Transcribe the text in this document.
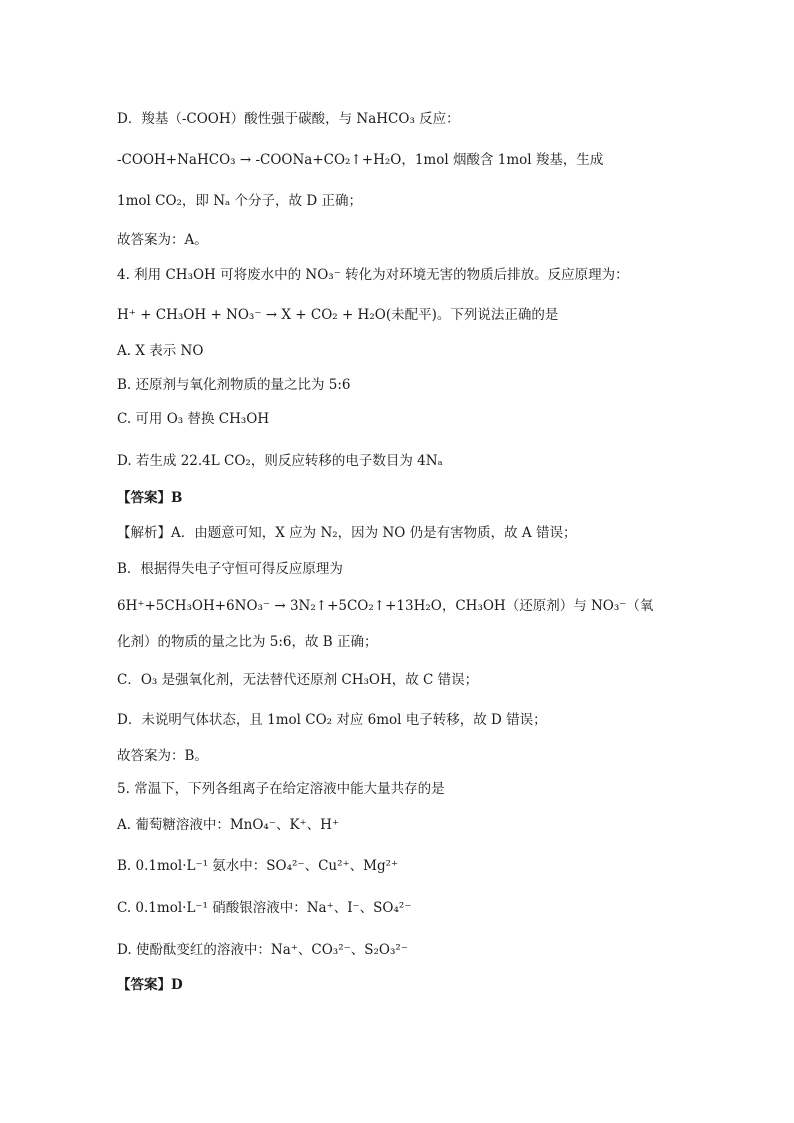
D．羧基（-COOH）酸性强于碳酸，与 NaHCO₃ 反应：
-COOH+NaHCO₃ → -COONa+CO₂↑+H₂O，1mol 烟酸含 1mol 羧基，生成
1mol CO₂，即 Nₐ 个分子，故 D 正确；
故答案为：A。
4. 利用 CH₃OH 可将废水中的 NO₃⁻ 转化为对环境无害的物质后排放。反应原理为：
H⁺ + CH₃OH + NO₃⁻ → X + CO₂ + H₂O(未配平)。下列说法正确的是
A. X 表示 NO
B. 还原剂与氧化剂物质的量之比为 5:6
C. 可用 O₃ 替换 CH₃OH
D. 若生成 22.4L CO₂，则反应转移的电子数目为 4Nₐ
【答案】B
【解析】A．由题意可知，X 应为 N₂，因为 NO 仍是有害物质，故 A 错误；
B．根据得失电子守恒可得反应原理为
6H⁺+5CH₃OH+6NO₃⁻ → 3N₂↑+5CO₂↑+13H₂O，CH₃OH（还原剂）与 NO₃⁻（氧
化剂）的物质的量之比为 5:6，故 B 正确；
C．O₃ 是强氧化剂，无法替代还原剂 CH₃OH，故 C 错误；
D．未说明气体状态，且 1mol CO₂ 对应 6mol 电子转移，故 D 错误；
故答案为：B。
5. 常温下，下列各组离子在给定溶液中能大量共存的是
A. 葡萄糖溶液中：MnO₄⁻、K⁺、H⁺
B. 0.1mol·L⁻¹ 氨水中：SO₄²⁻、Cu²⁺、Mg²⁺
C. 0.1mol·L⁻¹ 硝酸银溶液中：Na⁺、I⁻、SO₄²⁻
D. 使酚酞变红的溶液中：Na⁺、CO₃²⁻、S₂O₃²⁻
【答案】D
